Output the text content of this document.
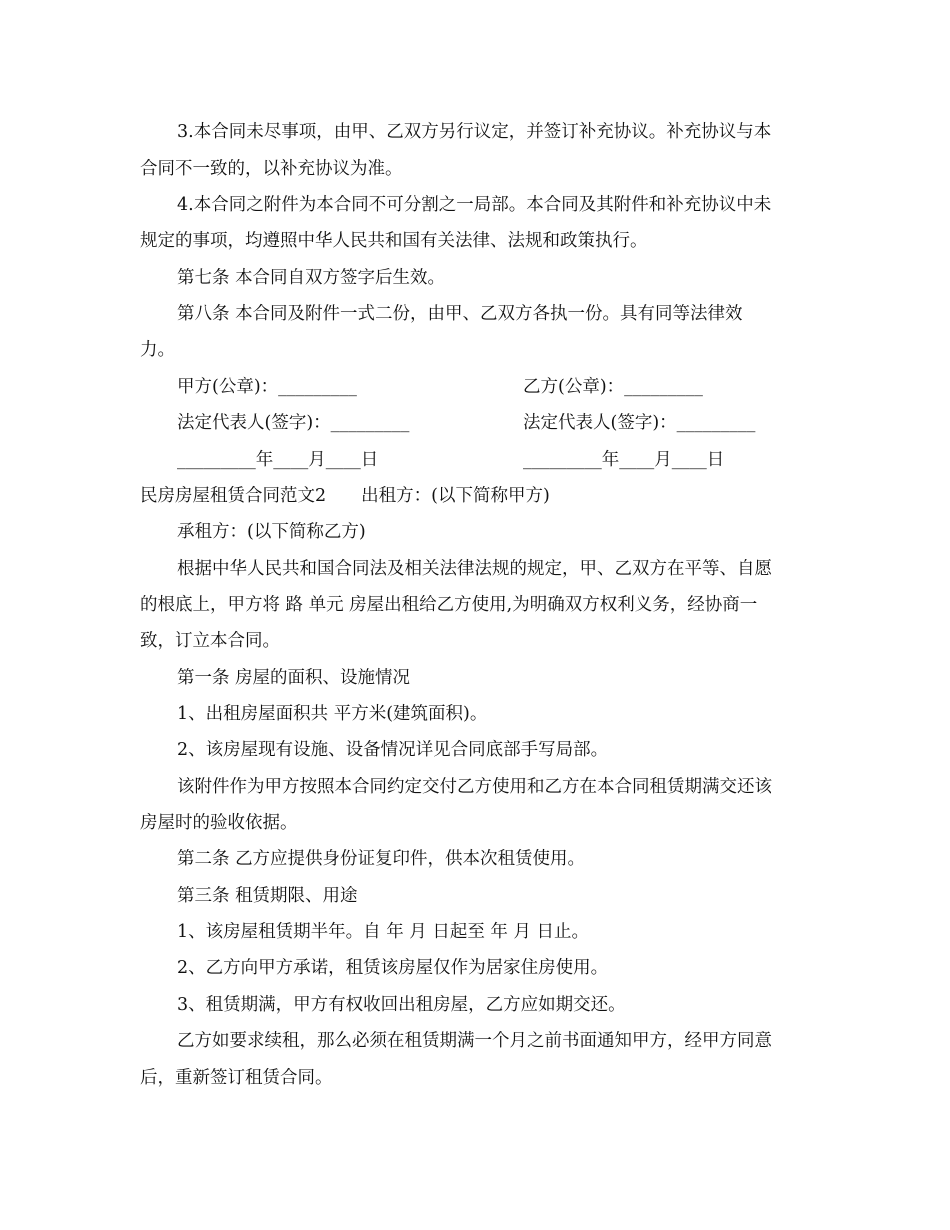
3.本合同未尽事项，由甲、乙双方另行议定，并签订补充协议。补充协议与本
合同不一致的，以补充协议为准。
4.本合同之附件为本合同不可分割之一局部。本合同及其附件和补充协议中未
规定的事项，均遵照中华人民共和国有关法律、法规和政策执行。
第七条 本合同自双方签字后生效。
第八条 本合同及附件一式二份，由甲、乙双方各执一份。具有同等法律效
力。
甲方(公章)：_________	乙方(公章)：_________
法定代表人(签字)：_________	法定代表人(签字)：_________
_________年____月____日	_________年____月____日
民房房屋租赁合同范文2　　出租方：(以下简称甲方)
承租方：(以下简称乙方)
根据中华人民共和国合同法及相关法律法规的规定，甲、乙双方在平等、自愿
的根底上，甲方将 路 单元 房屋出租给乙方使用,为明确双方权利义务，经协商一
致，订立本合同。
第一条 房屋的面积、设施情况
1、出租房屋面积共 平方米(建筑面积)。
2、该房屋现有设施、设备情况详见合同底部手写局部。
该附件作为甲方按照本合同约定交付乙方使用和乙方在本合同租赁期满交还该
房屋时的验收依据。
第二条 乙方应提供身份证复印件，供本次租赁使用。
第三条 租赁期限、用途
1、该房屋租赁期半年。自 年 月 日起至 年 月 日止。
2、乙方向甲方承诺，租赁该房屋仅作为居家住房使用。
3、租赁期满，甲方有权收回出租房屋，乙方应如期交还。
乙方如要求续租，那么必须在租赁期满一个月之前书面通知甲方，经甲方同意
后，重新签订租赁合同。
